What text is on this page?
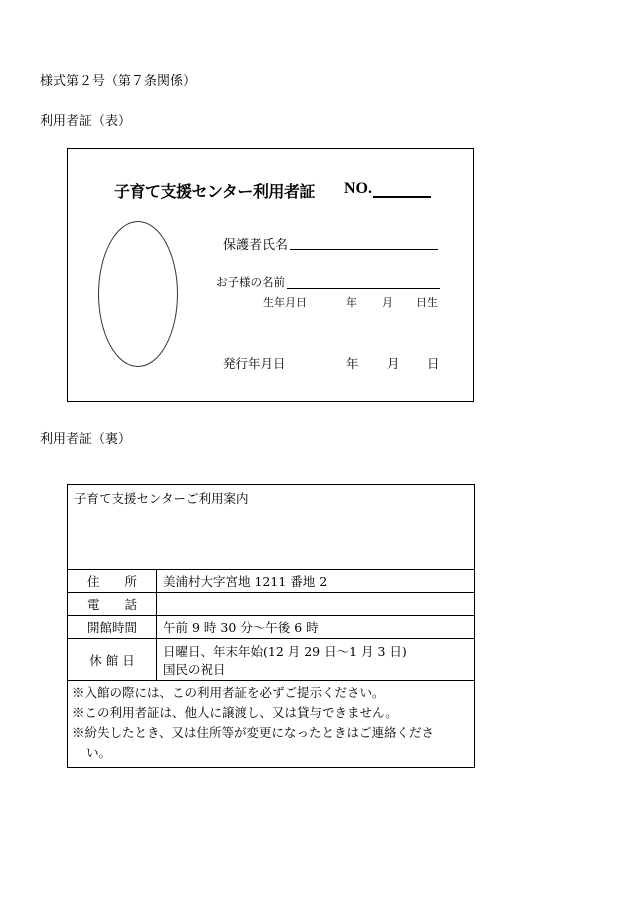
様式第２号（第７条関係）
利用者証（表）
子育て支援センター利用者証 NO.
保護者氏名
お子様の名前
生年月日	年 月 日生
発行年月日	年 月 日
利用者証（裏）
子育て支援センターご利用案内	
住　　所	美浦村大字宮地 1211 番地 2
電　　話	
開館時間	午前 9 時 30 分～午後 6 時
休 館 日	日曜日、年末年始(12 月 29 日～1 月 3 日)
国民の祝日

※入館の際には、この利用者証を必ずご提示ください。
※この利用者証は、他人に譲渡し、又は貸与できません。
※紛失したとき、又は住所等が変更になったときはご連絡くださ
い。	
